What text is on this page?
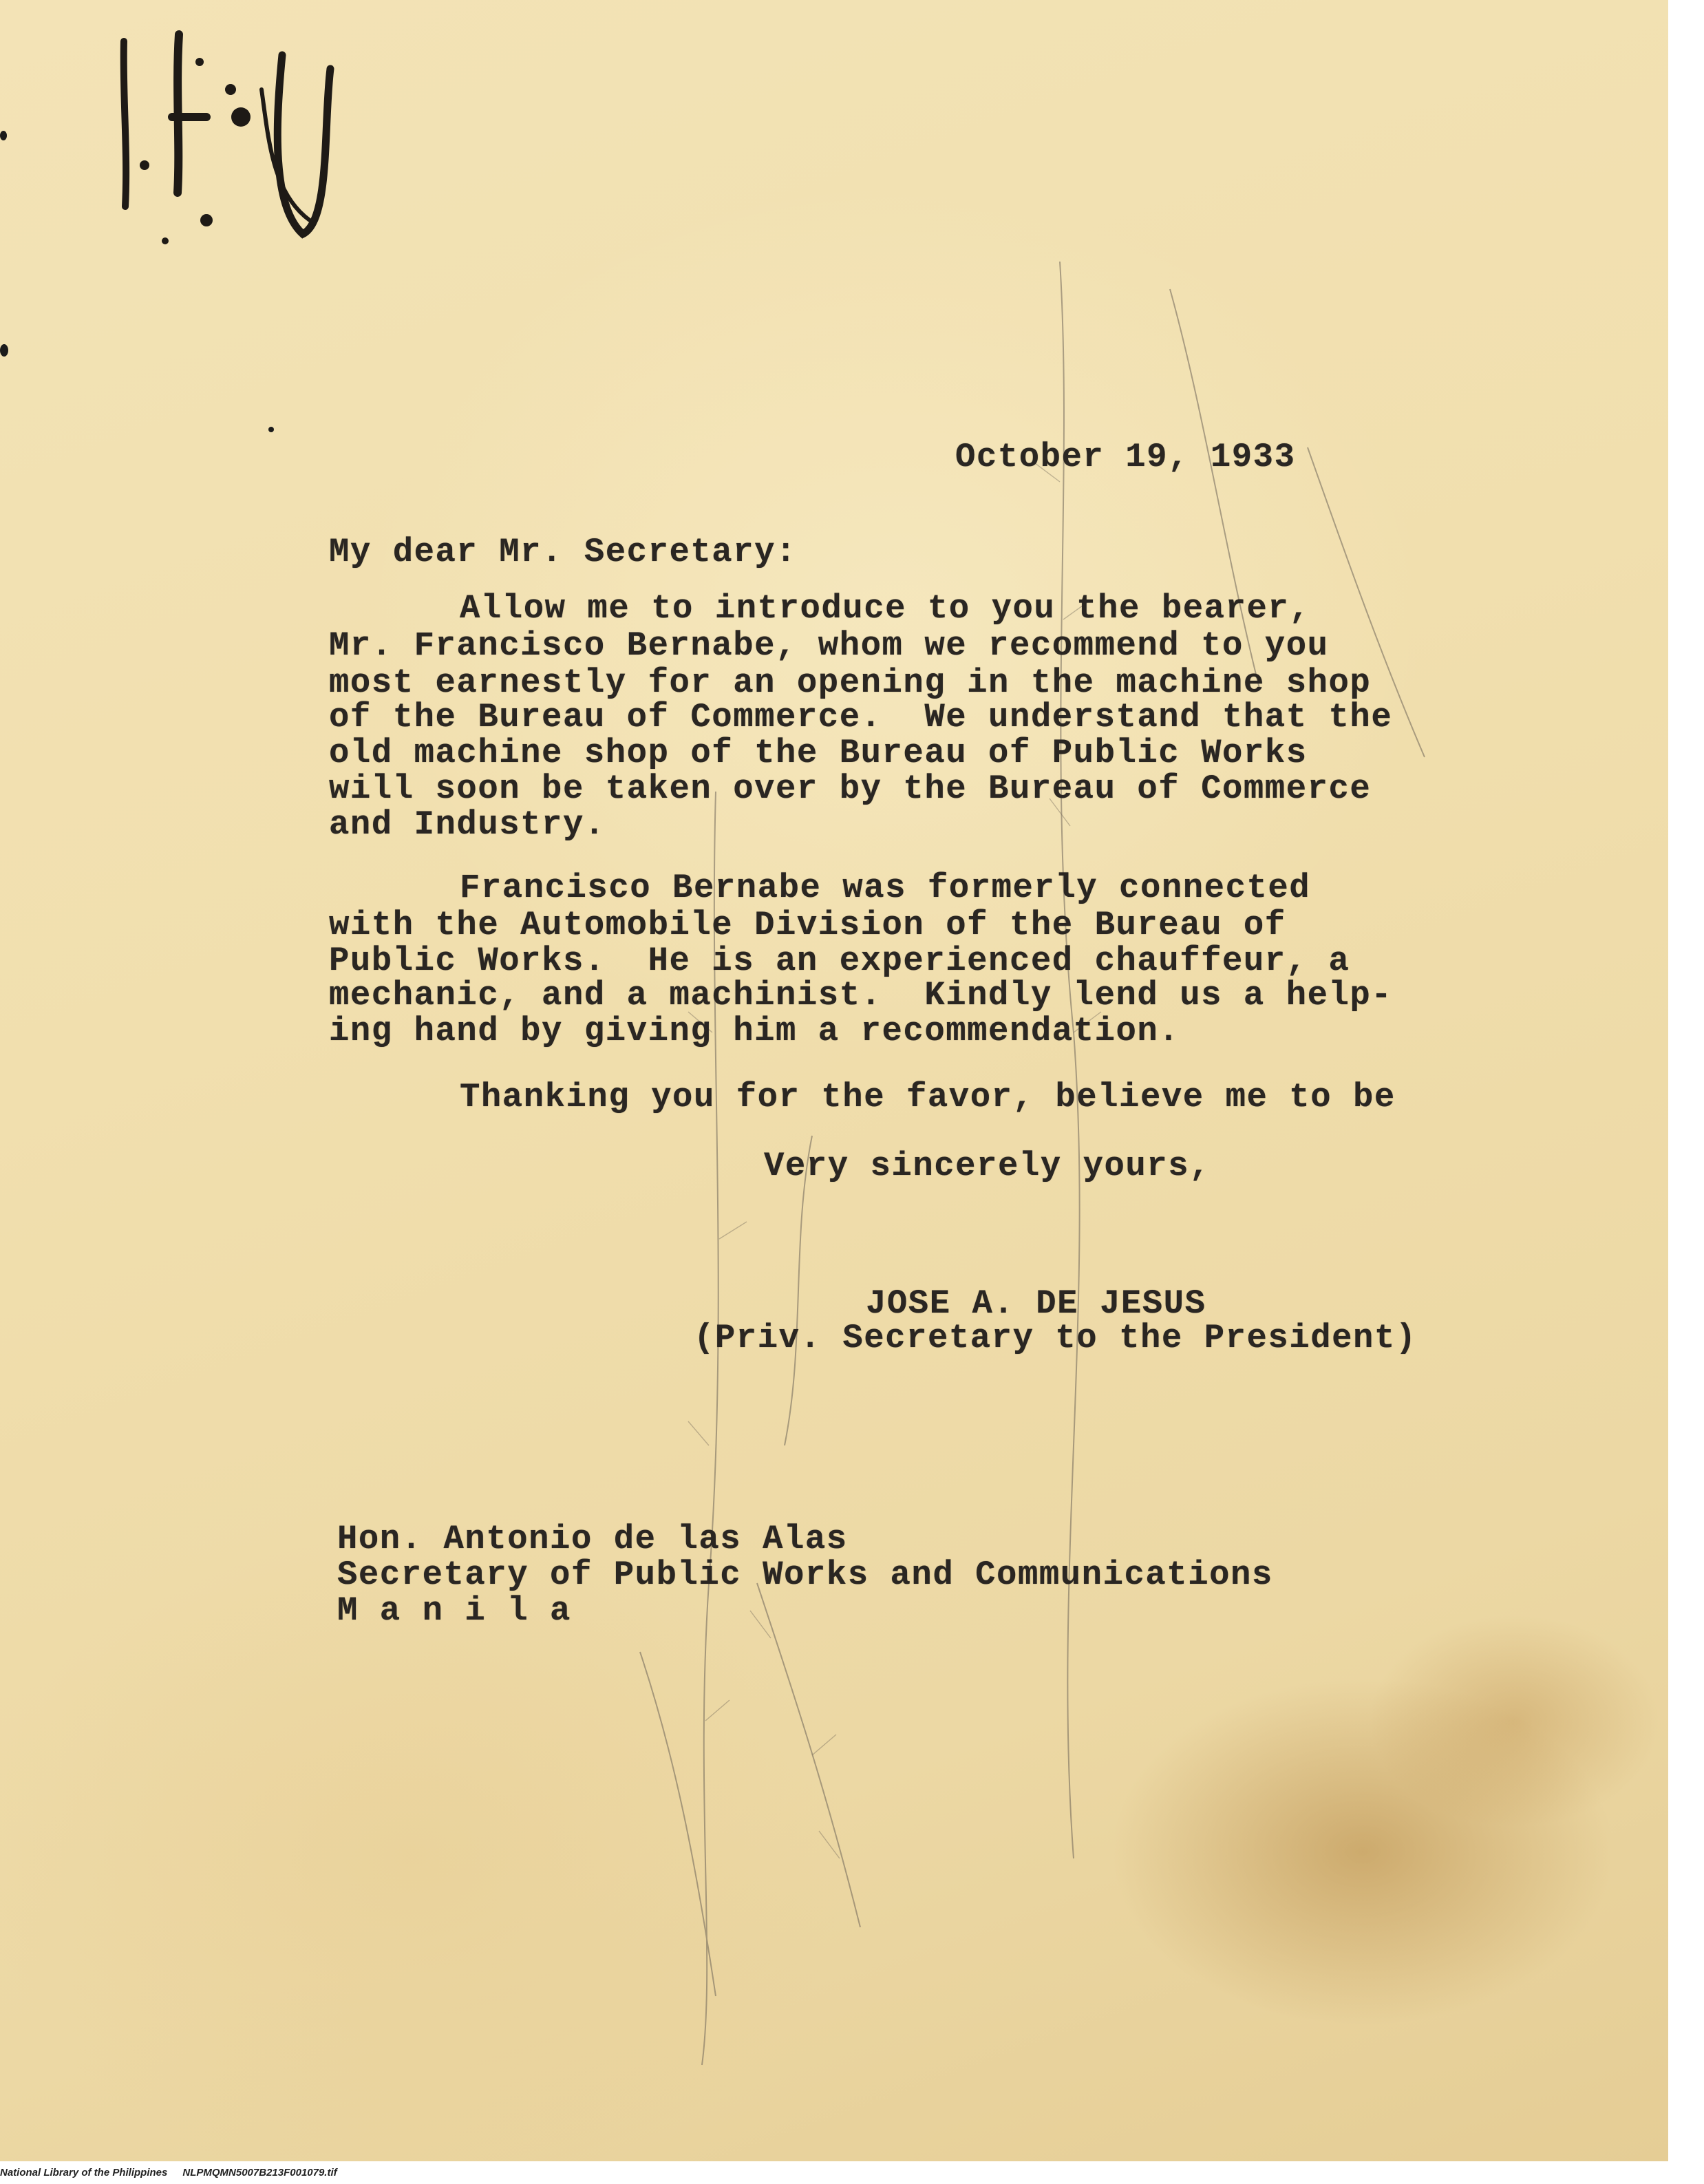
October 19, 1933
My dear Mr. Secretary:
Allow me to introduce to you the bearer,
Mr. Francisco Bernabe, whom we recommend to you
most earnestly for an opening in the machine shop
of the Bureau of Commerce.  We understand that the
old machine shop of the Bureau of Public Works
will soon be taken over by the Bureau of Commerce
and Industry.
Francisco Bernabe was formerly connected
with the Automobile Division of the Bureau of
Public Works.  He is an experienced chauffeur, a
mechanic, and a machinist.  Kindly lend us a help-
ing hand by giving him a recommendation.
Thanking you for the favor, believe me to be
Very sincerely yours,
JOSE A. DE JESUS
(Priv. Secretary to the President)
Hon. Antonio de las Alas
Secretary of Public Works and Communications
M a n i l a
National Library of the Philippines NLPMQMN5007B213F001079.tif
